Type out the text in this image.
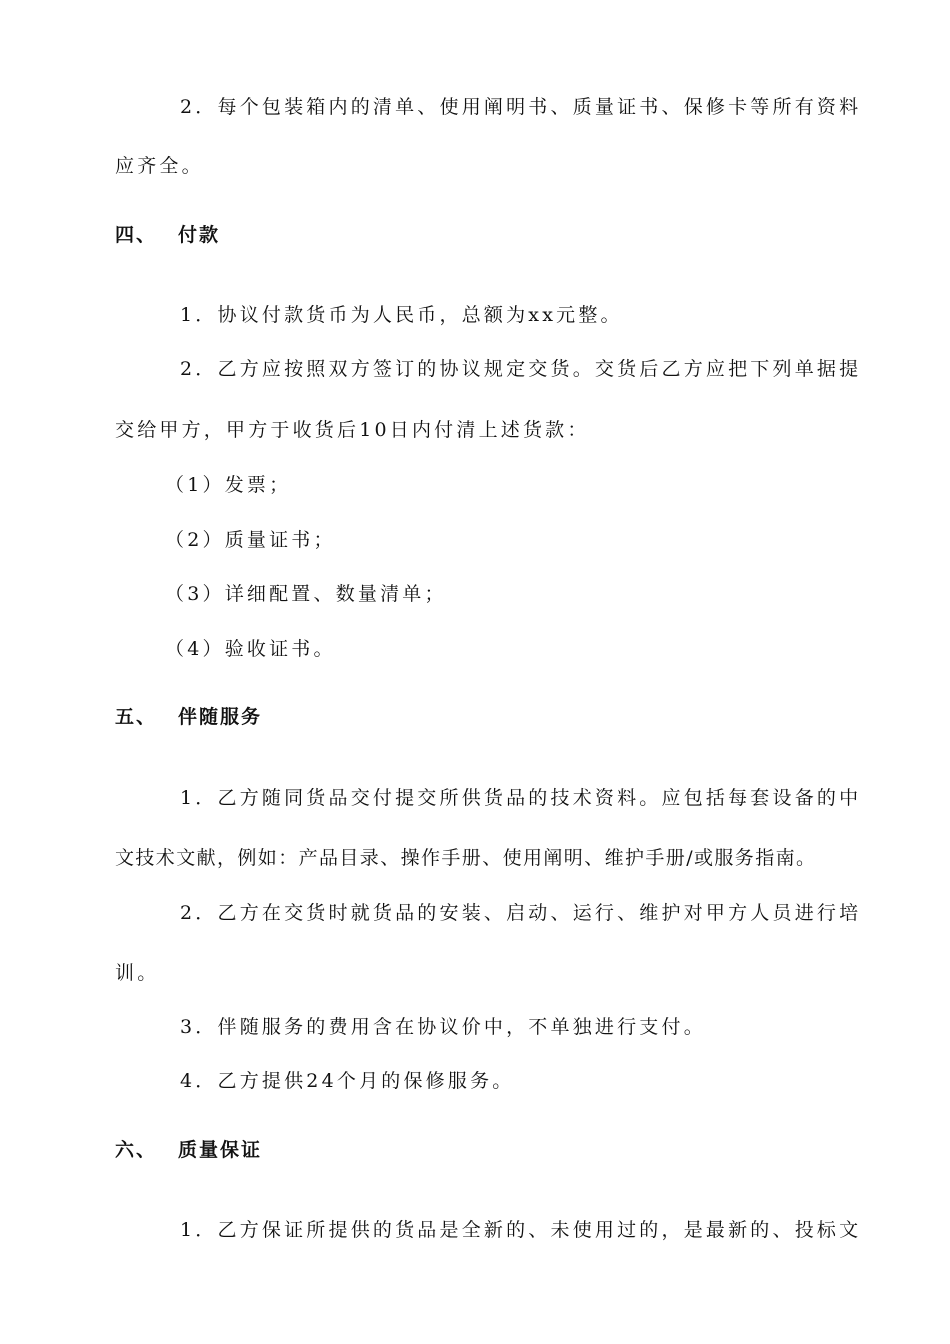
2．每个包装箱内的清单、使用阐明书、质量证书、保修卡等所有资料
应齐全。
四、 付款
1．协议付款货币为人民币，总额为xx元整。
2．乙方应按照双方签订的协议规定交货。交货后乙方应把下列单据提
交给甲方，甲方于收货后10日内付清上述货款：
（1）发票；
（2）质量证书；
（3）详细配置、数量清单；
（4）验收证书。
五、 伴随服务
1．乙方随同货品交付提交所供货品的技术资料。应包括每套设备的中
文技术文献，例如：产品目录、操作手册、使用阐明、维护手册/或服务指南。
2．乙方在交货时就货品的安装、启动、运行、维护对甲方人员进行培
训。
3．伴随服务的费用含在协议价中，不单独进行支付。
4．乙方提供24个月的保修服务。
六、 质量保证
1．乙方保证所提供的货品是全新的、未使用过的，是最新的、投标文
